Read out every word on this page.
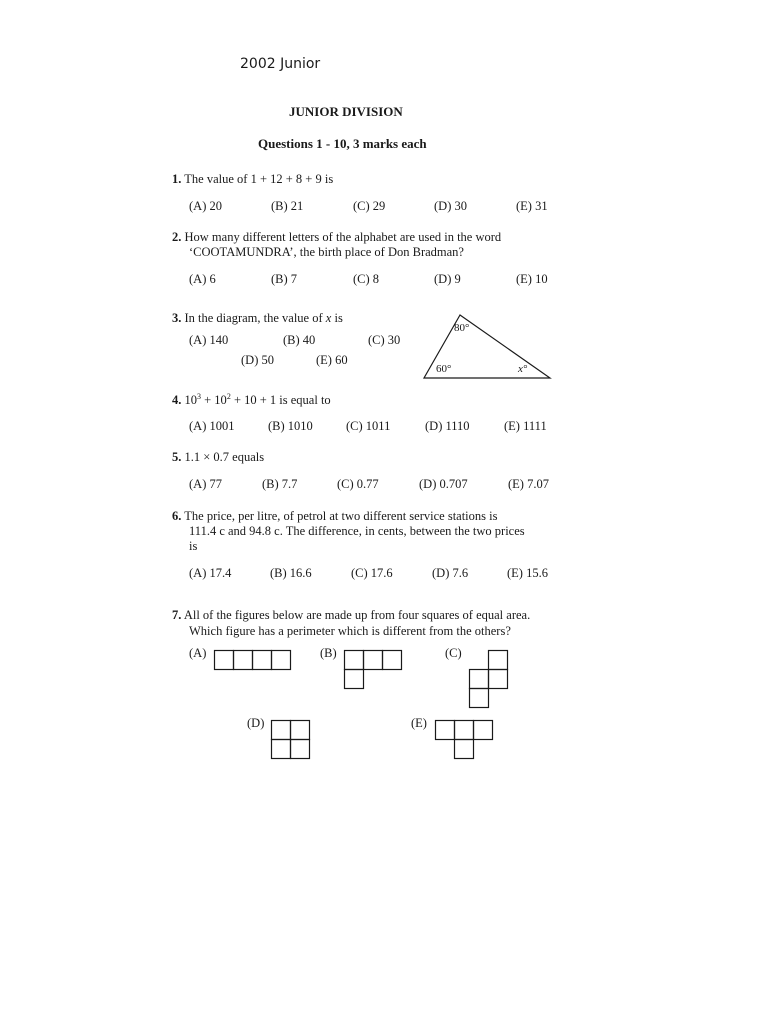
2002 Junior
JUNIOR DIVISION
Questions 1 - 10, 3 marks each
1. The value of 1 + 12 + 8 + 9 is
(A) 20	(B) 21	(C) 29	(D) 30	(E) 31
2. How many different letters of the alphabet are used in the word
‘COOTAMUNDRA’, the birth place of Don Bradman?
(A) 6	(B) 7	(C) 8	(D) 9	(E) 10
3. In the diagram, the value of x is
(A) 140	(B) 40	(C) 30
(D) 50	(E) 60
80°
60°	x°
4. $10^3 + 10^2 + 10 + 1$ is equal to
(A) 1001	(B) 1010	(C) 1011	(D) 1110	(E) 1111
5. 1.1 × 0.7 equals
(A) 77	(B) 7.7	(C) 0.77	(D) 0.707	(E) 7.07
6. The price, per litre, of petrol at two different service stations is
111.4 c and 94.8 c. The difference, in cents, between the two prices
is
(A) 17.4	(B) 16.6	(C) 17.6	(D) 7.6	(E) 15.6
7. All of the figures below are made up from four squares of equal area.
Which figure has a perimeter which is different from the others?
(A)	(B)	(C)
(D)	(E)
